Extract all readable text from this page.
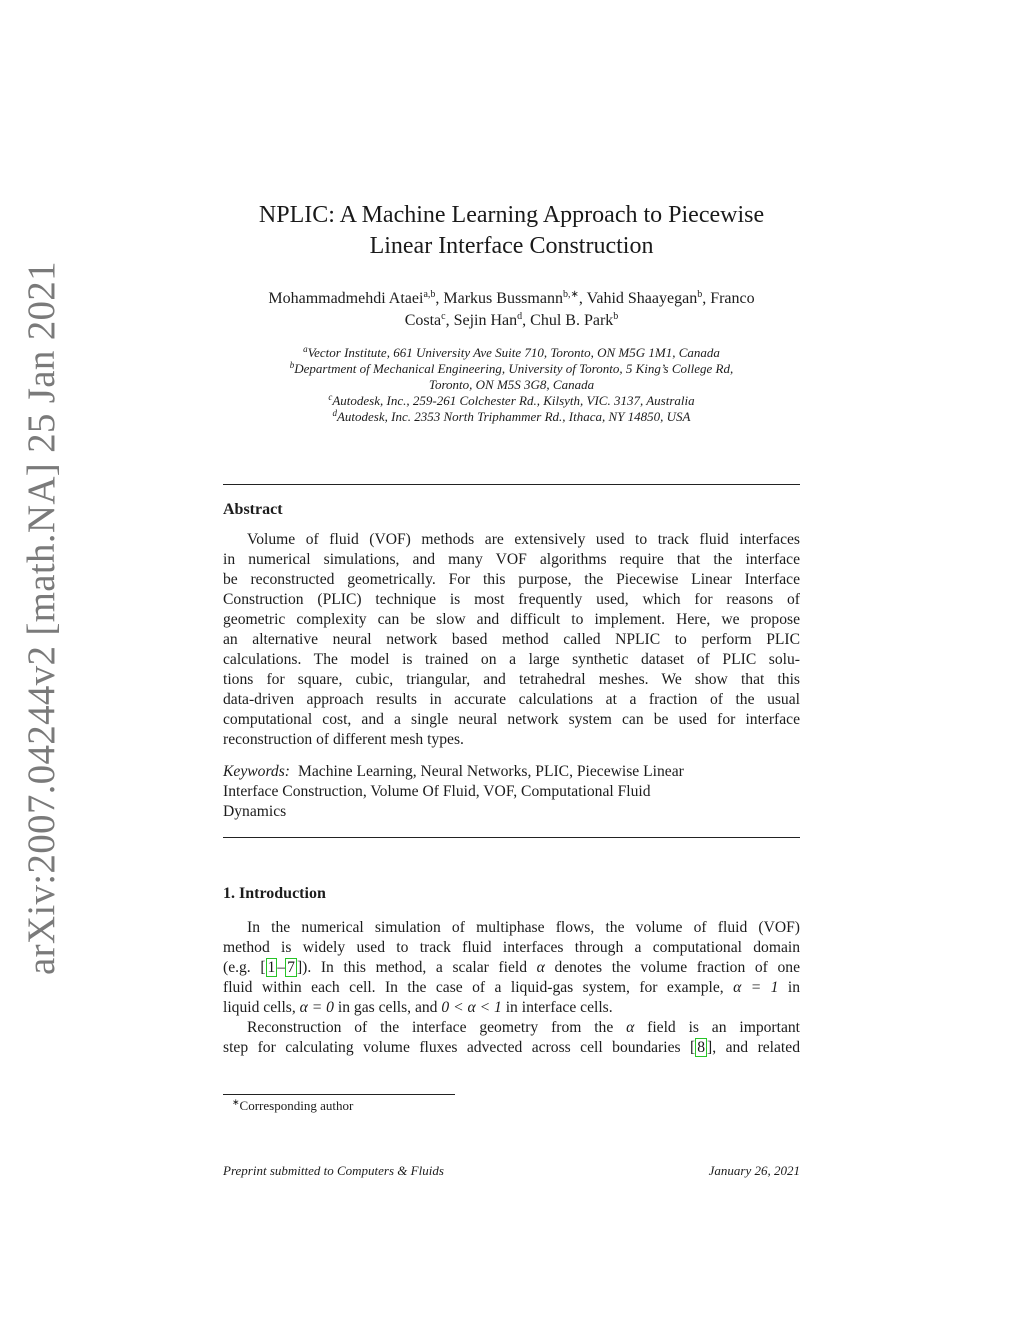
arXiv:2007.04244v2 [math.NA] 25 Jan 2021
NPLIC: A Machine Learning Approach to Piecewise
Linear Interface Construction
Mohammadmehdi Ataei$^{a,b}$, Markus Bussmann$^{b,∗}$, Vahid Shaayegan$^b$, Franco
Costa$^c$, Sejin Han$^d$, Chul B. Park$^b$
$^a$Vector Institute, 661 University Ave Suite 710, Toronto, ON M5G 1M1, Canada
$^b$Department of Mechanical Engineering, University of Toronto, 5 King’s College Rd,
Toronto, ON M5S 3G8, Canada
$^c$Autodesk, Inc., 259-261 Colchester Rd., Kilsyth, VIC. 3137, Australia
$^d$Autodesk, Inc. 2353 North Triphammer Rd., Ithaca, NY 14850, USA
Abstract
Volume of fluid (VOF) methods are extensively used to track fluid interfaces
in numerical simulations, and many VOF algorithms require that the interface
be reconstructed geometrically. For this purpose, the Piecewise Linear Interface
Construction (PLIC) technique is most frequently used, which for reasons of
geometric complexity can be slow and difficult to implement. Here, we propose
an alternative neural network based method called NPLIC to perform PLIC
calculations. The model is trained on a large synthetic dataset of PLIC solu-
tions for square, cubic, triangular, and tetrahedral meshes. We show that this
data-driven approach results in accurate calculations at a fraction of the usual
computational cost, and a single neural network system can be used for interface
reconstruction of different mesh types.
Keywords: Machine Learning, Neural Networks, PLIC, Piecewise Linear
Interface Construction, Volume Of Fluid, VOF, Computational Fluid
Dynamics
1. Introduction
In the numerical simulation of multiphase flows, the volume of fluid (VOF)
method is widely used to track fluid interfaces through a computational domain
(e.g. [ 1 – 7 ]). In this method, a scalar field α denotes the volume fraction of one
fluid within each cell. In the case of a liquid-gas system, for example, α = 1 in
liquid cells, α = 0 in gas cells, and 0 < α < 1 in interface cells.
Reconstruction of the interface geometry from the α field is an important
step for calculating volume fluxes advected across cell boundaries [ 8 ], and related
∗Corresponding author
Preprint submitted to Computers & Fluids	January 26, 2021
